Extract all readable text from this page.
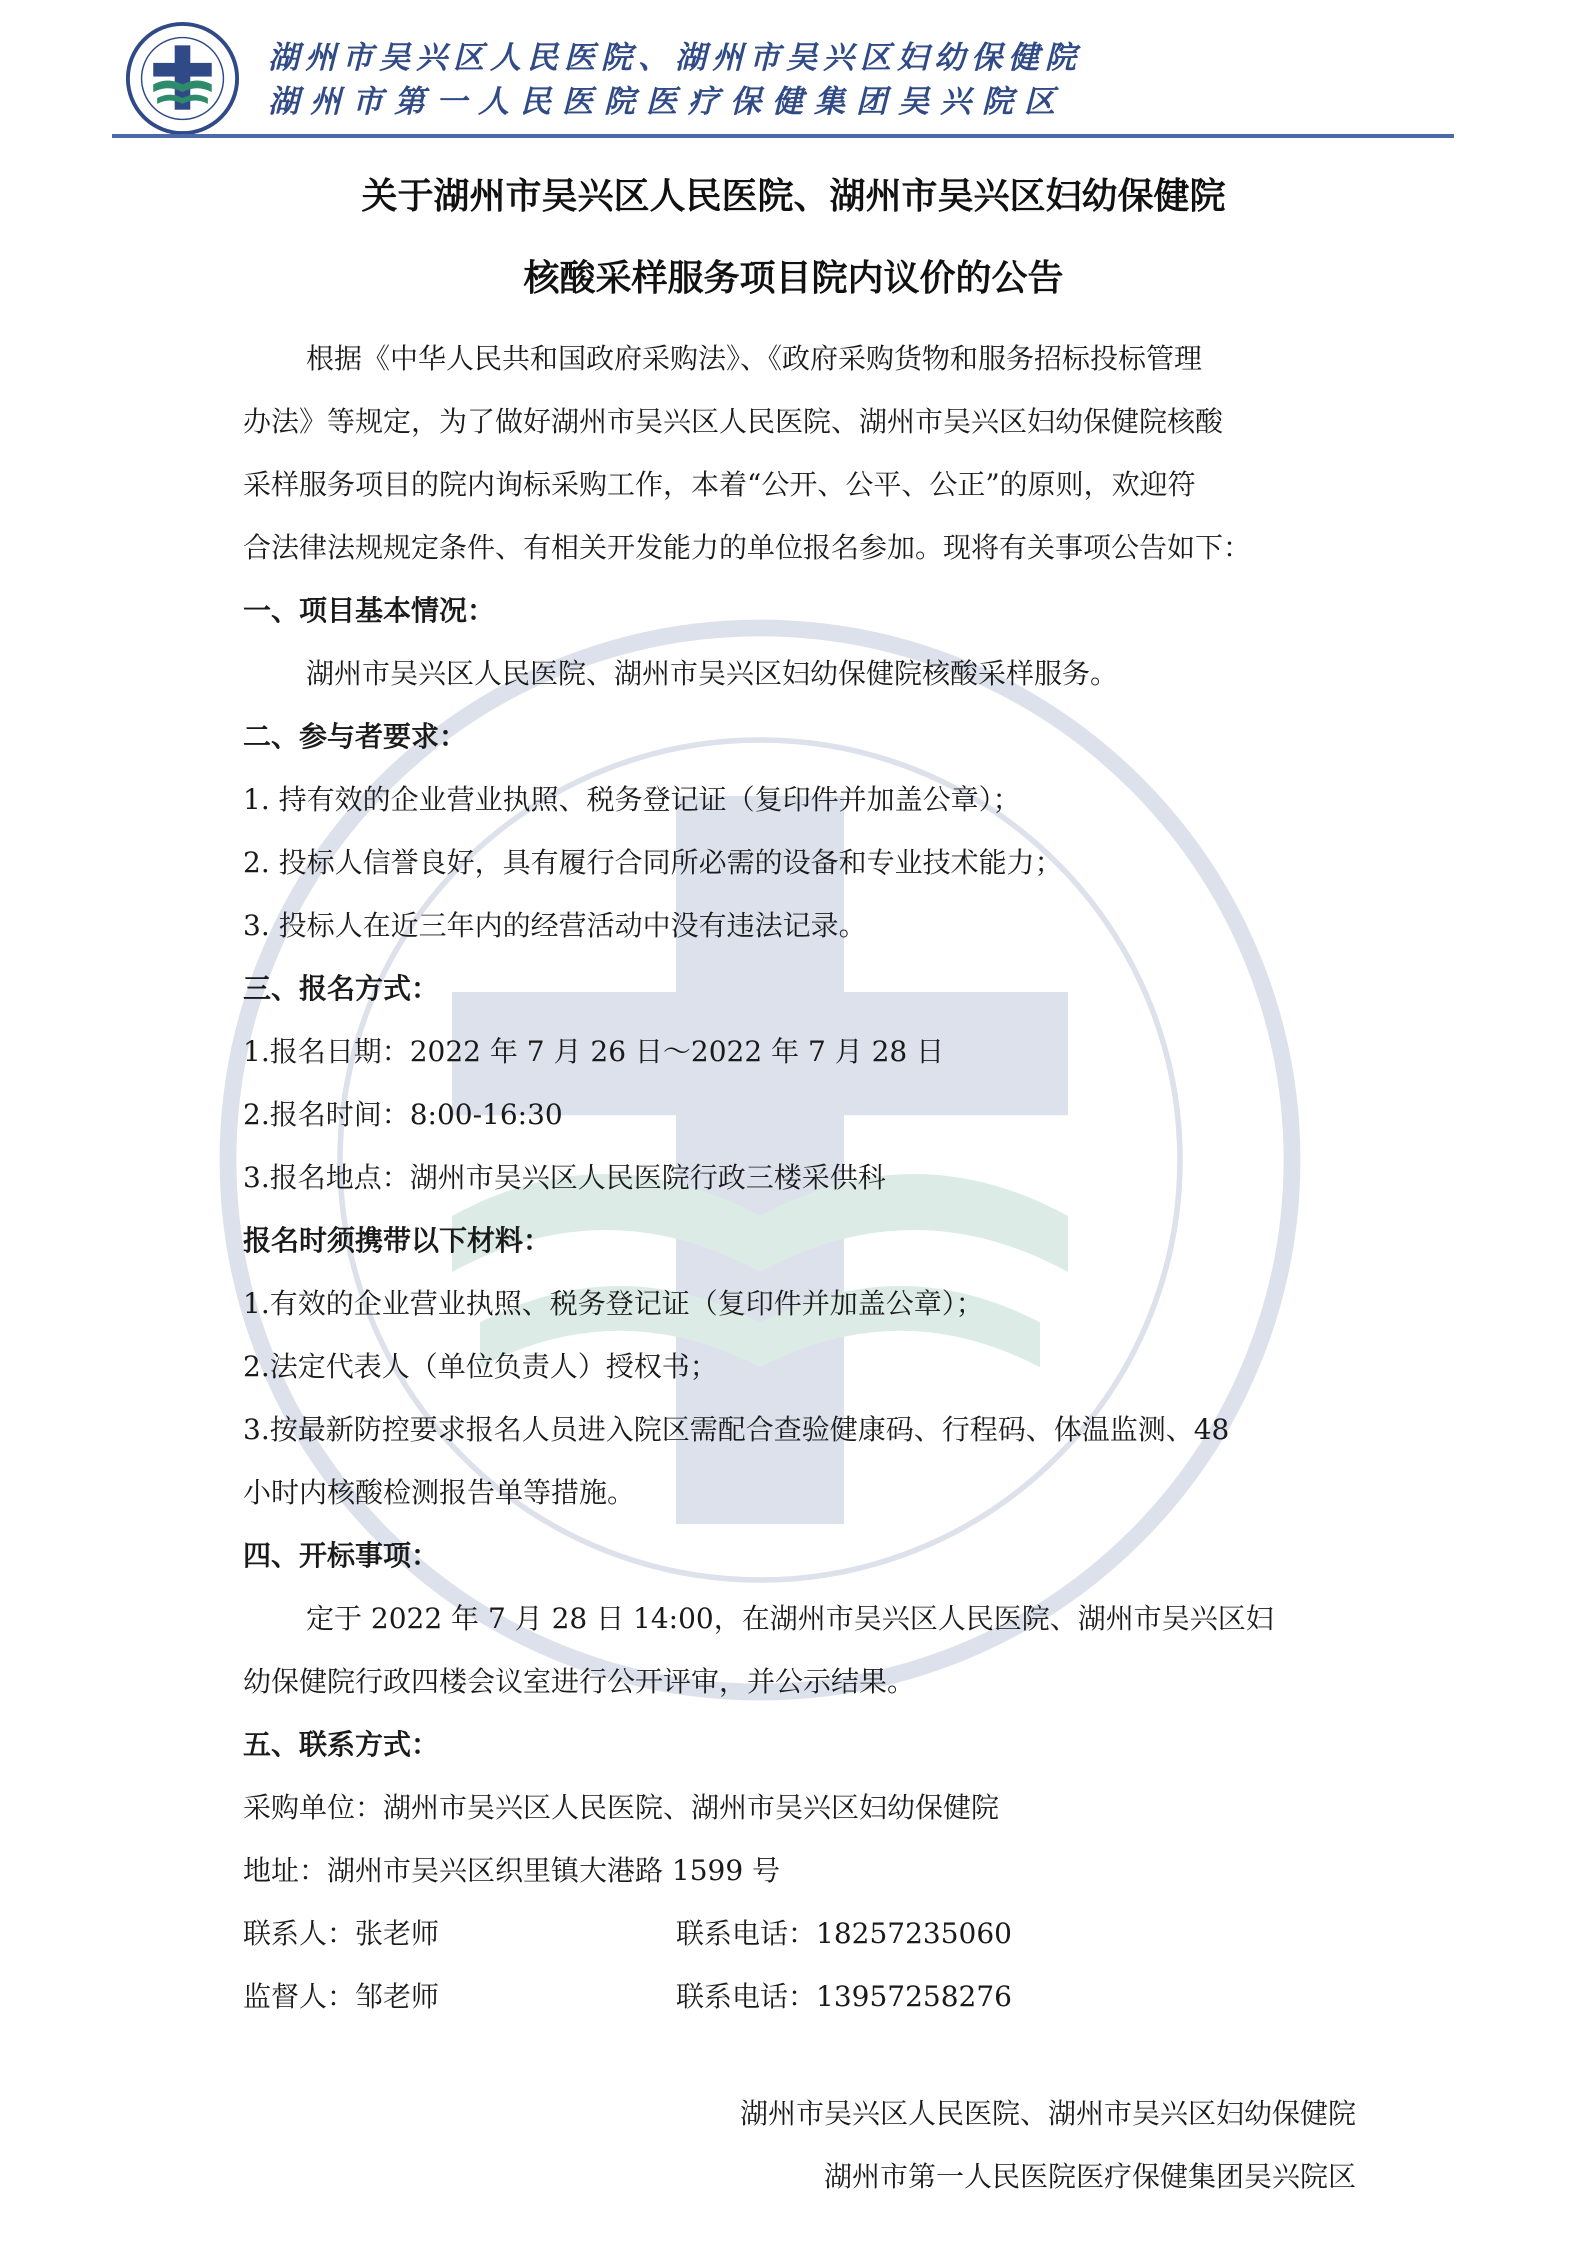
湖州市吴兴区人民医院、湖州市吴兴区妇幼保健院
湖州市第一人民医院医疗保健集团吴兴院区
关于湖州市吴兴区人民医院、湖州市吴兴区妇幼保健院
核酸采样服务项目院内议价的公告
根据《中华人民共和国政府采购法》、《政府采购货物和服务招标投标管理
办法》等规定，为了做好湖州市吴兴区人民医院、湖州市吴兴区妇幼保健院核酸
采样服务项目的院内询标采购工作，本着“公开、公平、公正”的原则，欢迎符
合法律法规规定条件、有相关开发能力的单位报名参加。现将有关事项公告如下：
一、项目基本情况：
湖州市吴兴区人民医院、湖州市吴兴区妇幼保健院核酸采样服务。
二、参与者要求：
1. 持有效的企业营业执照、税务登记证（复印件并加盖公章）；
2. 投标人信誉良好，具有履行合同所必需的设备和专业技术能力；
3. 投标人在近三年内的经营活动中没有违法记录。
三、报名方式：
1.报名日期：2022 年 7 月 26 日～2022 年 7 月 28 日
2.报名时间：8:00-16:30
3.报名地点：湖州市吴兴区人民医院行政三楼采供科
报名时须携带以下材料：
1.有效的企业营业执照、税务登记证（复印件并加盖公章）；
2.法定代表人（单位负责人）授权书；
3.按最新防控要求报名人员进入院区需配合查验健康码、行程码、体温监测、48
小时内核酸检测报告单等措施。
四、开标事项：
定于 2022 年 7 月 28 日 14:00，在湖州市吴兴区人民医院、湖州市吴兴区妇
幼保健院行政四楼会议室进行公开评审，并公示结果。
五、联系方式：
采购单位：湖州市吴兴区人民医院、湖州市吴兴区妇幼保健院
地址：湖州市吴兴区织里镇大港路 1599 号
联系人：张老师	联系电话：18257235060
监督人：邹老师	联系电话：13957258276
湖州市吴兴区人民医院、湖州市吴兴区妇幼保健院
湖州市第一人民医院医疗保健集团吴兴院区
